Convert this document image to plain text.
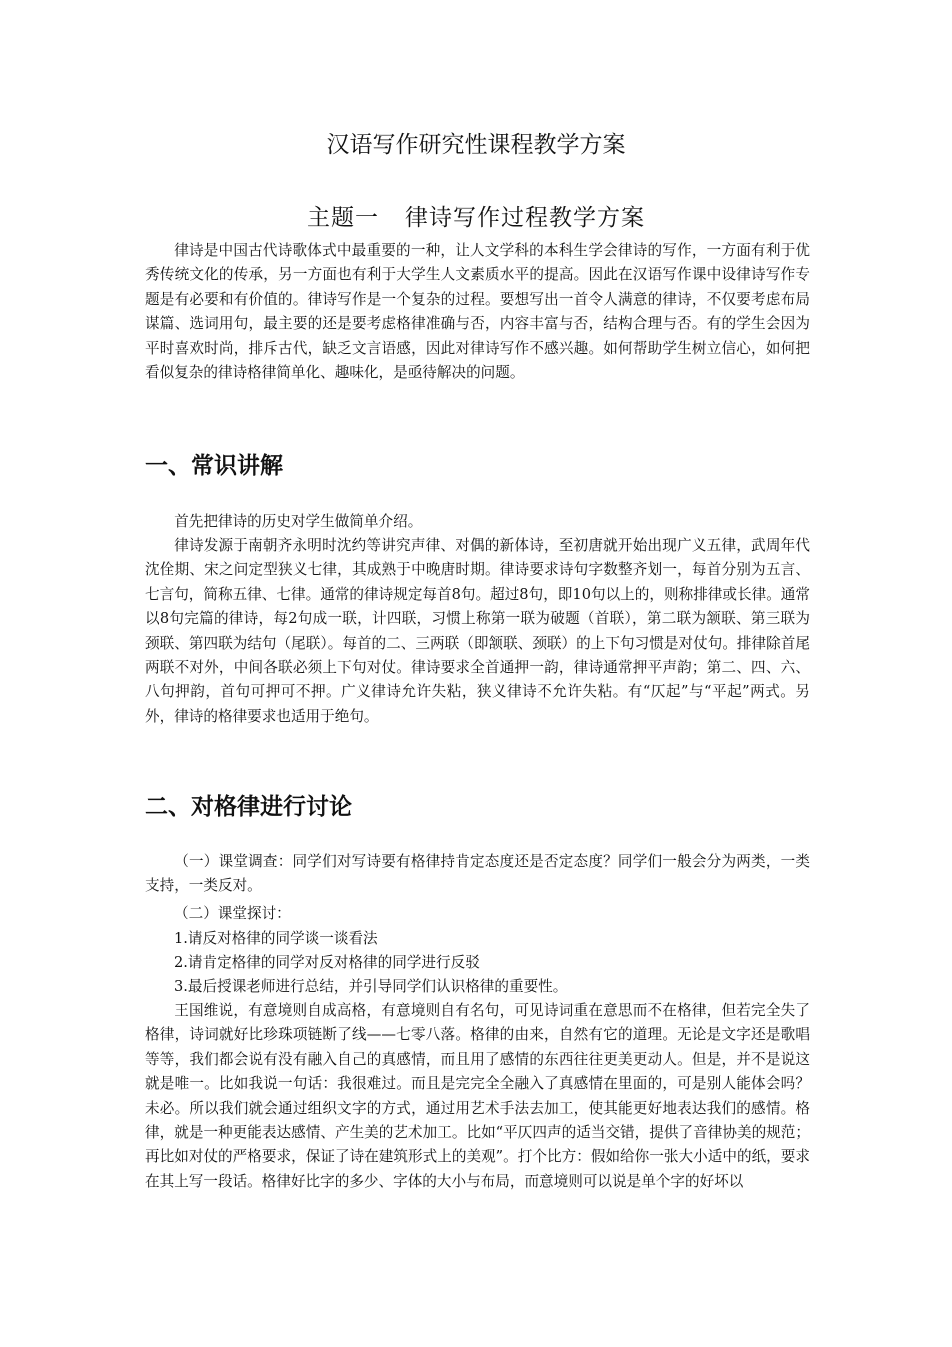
汉语写作研究性课程教学方案
主题一 律诗写作过程教学方案

律诗是中国古代诗歌体式中最重要的一种，让人文学科的本科生学会律诗的写作，一方面有利于优秀传统文化的传承，另一方面也有利于大学生人文素质水平的提高。因此在汉语写作课中设律诗写作专题是有必要和有价值的。律诗写作是一个复杂的过程。要想写出一首令人满意的律诗，不仅要考虑布局谋篇、选词用句，最主要的还是要考虑格律准确与否，内容丰富与否，结构合理与否。有的学生会因为平时喜欢时尚，排斥古代，缺乏文言语感，因此对律诗写作不感兴趣。如何帮助学生树立信心，如何把看似复杂的律诗格律简单化、趣味化，是亟待解决的问题。

一、常识讲解

首先把律诗的历史对学生做简单介绍。

律诗发源于南朝齐永明时沈约等讲究声律、对偶的新体诗，至初唐就开始出现广义五律，武周年代沈佺期、宋之问定型狭义七律，其成熟于中晚唐时期。律诗要求诗句字数整齐划一，每首分别为五言、七言句，简称五律、七律。通常的律诗规定每首8句。超过8句，即10句以上的，则称排律或长律。通常以8句完篇的律诗，每2句成一联，计四联，习惯上称第一联为破题（首联），第二联为颔联、第三联为颈联、第四联为结句（尾联）。每首的二、三两联（即颔联、颈联）的上下句习惯是对仗句。排律除首尾两联不对外，中间各联必须上下句对仗。律诗要求全首通押一韵，律诗通常押平声韵；第二、四、六、八句押韵，首句可押可不押。广义律诗允许失粘，狭义律诗不允许失粘。有“仄起”与“平起”两式。另外，律诗的格律要求也适用于绝句。

二、对格律进行讨论

（一）课堂调查：同学们对写诗要有格律持肯定态度还是否定态度？同学们一般会分为两类，一类支持，一类反对。

（二）课堂探讨：

1.请反对格律的同学谈一谈看法

2.请肯定格律的同学对反对格律的同学进行反驳

3.最后授课老师进行总结，并引导同学们认识格律的重要性。

王国维说，有意境则自成高格，有意境则自有名句，可见诗词重在意思而不在格律，但若完全失了格律，诗词就好比珍珠项链断了线——七零八落。格律的由来，自然有它的道理。无论是文字还是歌唱等等，我们都会说有没有融入自己的真感情，而且用了感情的东西往往更美更动人。但是，并不是说这就是唯一。比如我说一句话：我很难过。而且是完完全全融入了真感情在里面的，可是别人能体会吗？未必。所以我们就会通过组织文字的方式，通过用艺术手法去加工，使其能更好地表达我们的感情。格律，就是一种更能表达感情、产生美的艺术加工。比如“平仄四声的适当交错，提供了音律协美的规范；再比如对仗的严格要求，保证了诗在建筑形式上的美观”。打个比方：假如给你一张大小适中的纸，要求在其上写一段话。格律好比字的多少、字体的大小与布局，而意境则可以说是单个字的好坏以
